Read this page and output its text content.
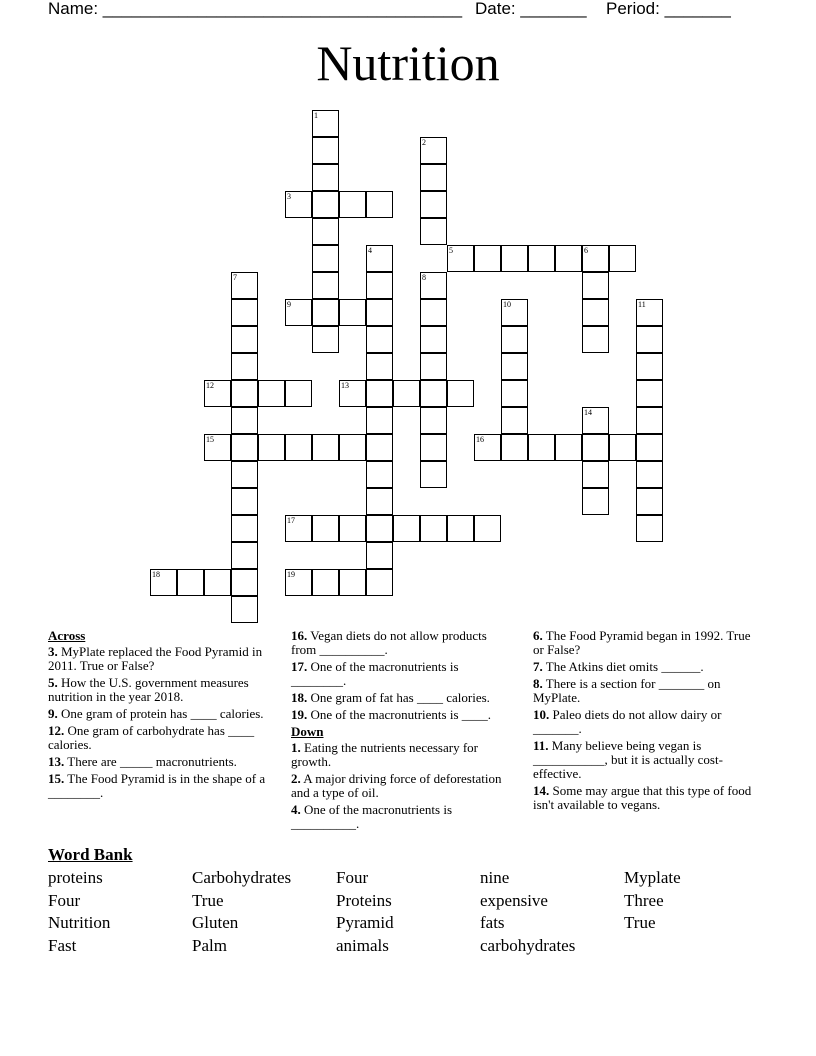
Name: ______________________________________ Date: _______ Period: _______
Nutrition
1
2
3
4	5	6
7	8
9	10	11
12	13
14
15	16
17
18	19
Across
3. MyPlate replaced the Food Pyramid in 2011. True or False?
5. How the U.S. government measures nutrition in the year 2018.
9. One gram of protein has ____ calories.
12. One gram of carbohydrate has ____ calories.
13. There are _____ macronutrients.
15. The Food Pyramid is in the shape of a ________.
16. Vegan diets do not allow products from __________.
17. One of the macronutrients is ________.
18. One gram of fat has ____ calories.
19. One of the macronutrients is ____.
Down
1. Eating the nutrients necessary for growth.
2. A major driving force of deforestation and a type of oil.
4. One of the macronutrients is __________.
6. The Food Pyramid began in 1992. True or False?
7. The Atkins diet omits ______.
8. There is a section for _______ on MyPlate.
10. Paleo diets do not allow dairy or _______.
11. Many believe being vegan is ___________, but it is actually cost-effective.
14. Some may argue that this type of food isn't available to vegans.
Word Bank
proteins	Carbohydrates	Four	nine	Myplate
Four	True	Proteins	expensive	Three
Nutrition	Gluten	Pyramid	fats	True
Fast	Palm	animals	carbohydrates
